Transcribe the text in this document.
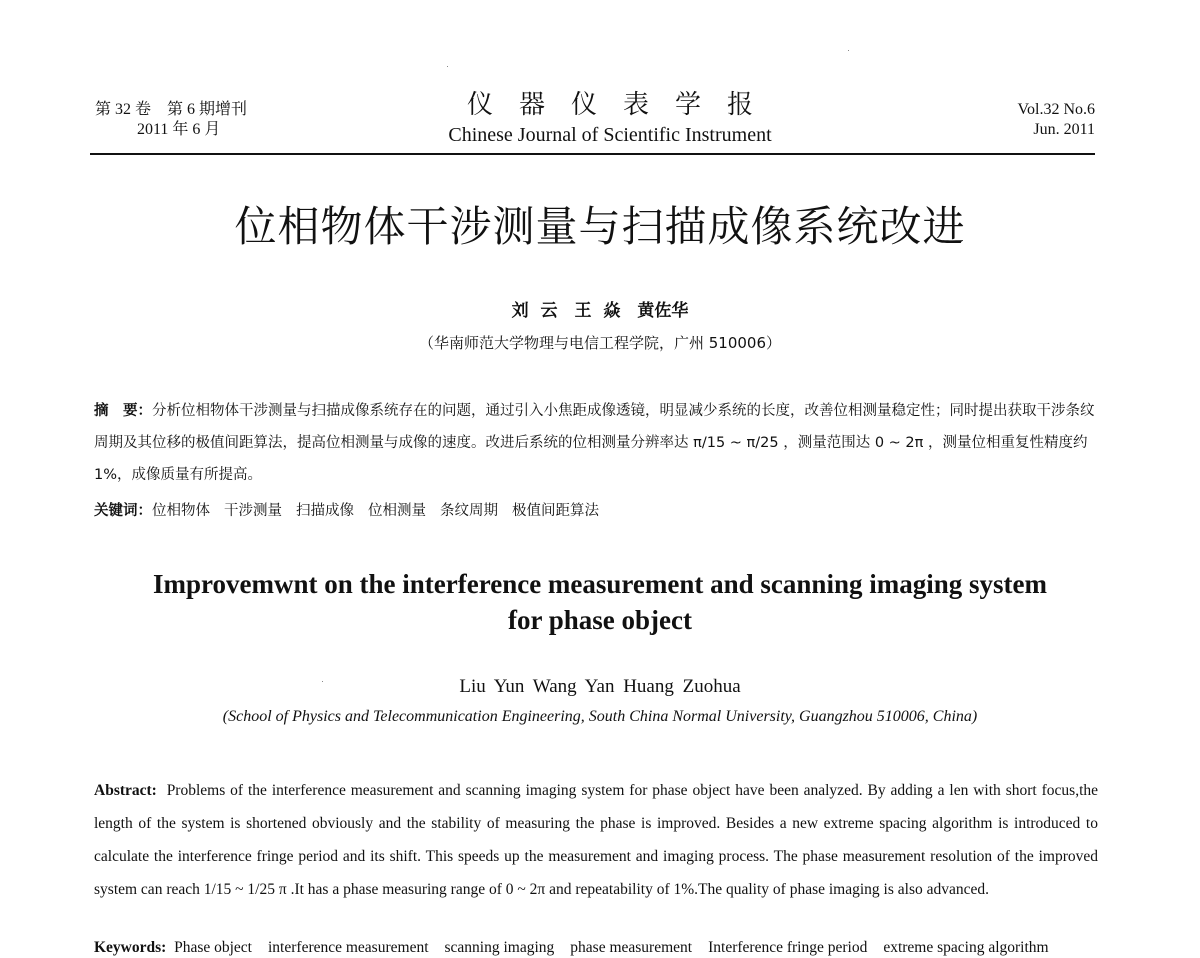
第 32 卷　第 6 期增刊
2011 年 6 月
仪器仪表学报
Chinese Journal of Scientific Instrument
Vol.32 No.6
Jun. 2011
位相物体干涉测量与扫描成像系统改进
刘 云　王 焱　黄佐华
（华南师范大学物理与电信工程学院，广州 510006）
摘　要：分析位相物体干涉测量与扫描成像系统存在的问题，通过引入小焦距成像透镜，明显减少系统的长度，改善位相测量稳定性；同时提出获取干涉条纹周期及其位移的极值间距算法，提高位相测量与成像的速度。改进后系统的位相测量分辨率达 π/15 ~ π/25 ，测量范围达 0 ~ 2π ，测量位相重复性精度约1%，成像质量有所提高。
关键词：位相物体 干涉测量 扫描成像 位相测量 条纹周期 极值间距算法
Improvemwnt on the interference measurement and scanning imaging system
for phase object
Liu Yun Wang Yan Huang Zuohua
(School of Physics and Telecommunication Engineering, South China Normal University, Guangzhou 510006, China)
Abstract: Problems of the interference measurement and scanning imaging system for phase object have been analyzed. By adding a len with short focus,the length of the system is shortened obviously and the stability of measuring the phase is improved. Besides a new extreme spacing algorithm is introduced to calculate the interference fringe period and its shift. This speeds up the measurement and imaging process. The phase measurement resolution of the improved system can reach 1/15 ~ 1/25 π .It has a phase measuring range of 0 ~ 2π and repeatability of 1%.The quality of phase imaging is also advanced.
Keywords: Phase object interference measurement scanning imaging phase measurement Interference fringe period extreme spacing algorithm
